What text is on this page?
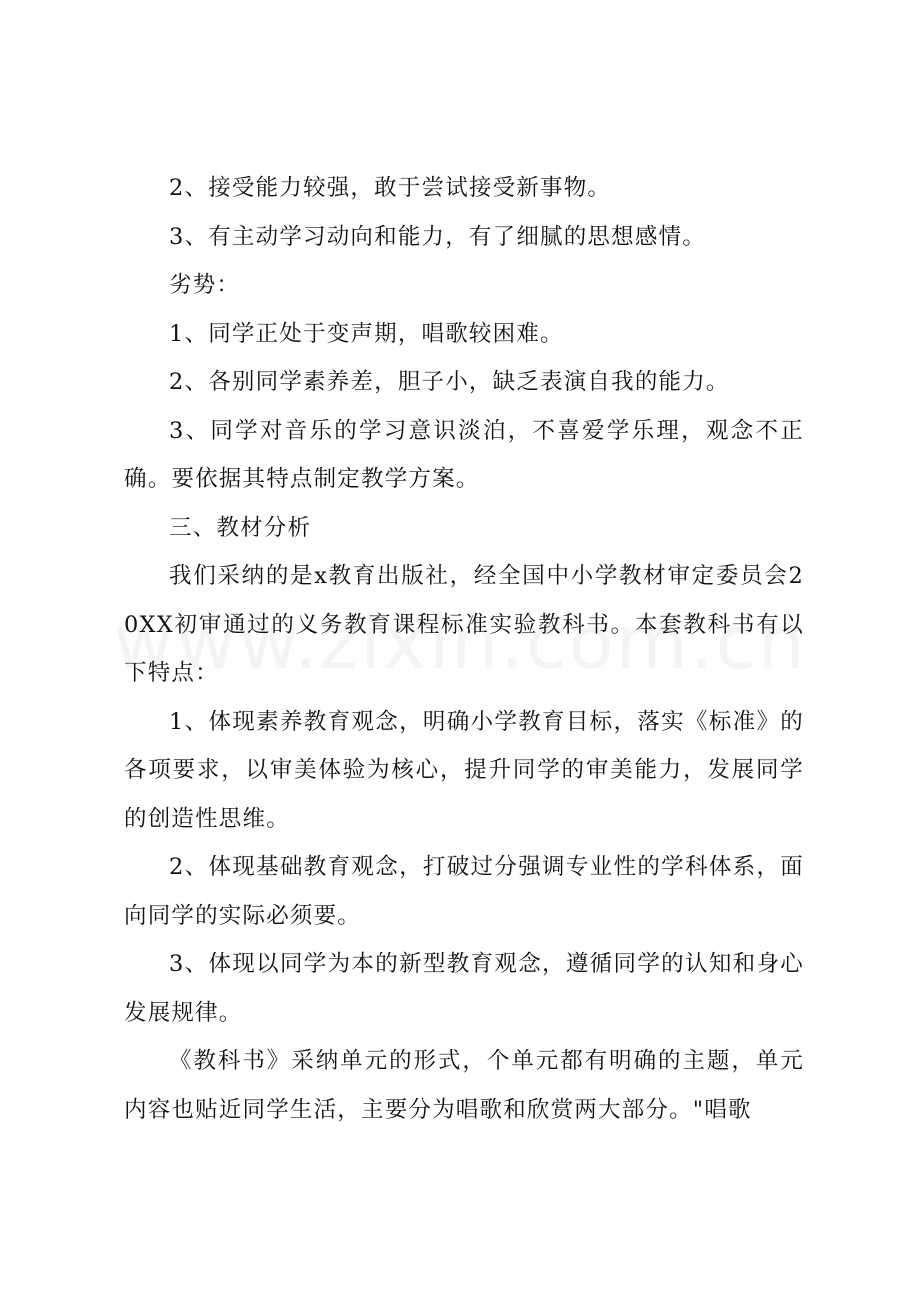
2、接受能力较强，敢于尝试接受新事物。

3、有主动学习动向和能力，有了细腻的思想感情。

劣势：

1、同学正处于变声期，唱歌较困难。

2、各别同学素养差，胆子小，缺乏表演自我的能力。

3、同学对音乐的学习意识淡泊，不喜爱学乐理，观念不正确。要依据其特点制定教学方案。

三、教材分析

我们采纳的是x教育出版社，经全国中小学教材审定委员会20XX初审通过的义务教育课程标准实验教科书。本套教科书有以下特点：

1、体现素养教育观念，明确小学教育目标，落实《标准》的各项要求，以审美体验为核心，提升同学的审美能力，发展同学的创造性思维。

2、体现基础教育观念，打破过分强调专业性的学科体系，面向同学的实际必须要。

3、体现以同学为本的新型教育观念，遵循同学的认知和身心发展规律。

《教科书》采纳单元的形式，个单元都有明确的主题，单元内容也贴近同学生活，主要分为唱歌和欣赏两大部分。"唱歌
